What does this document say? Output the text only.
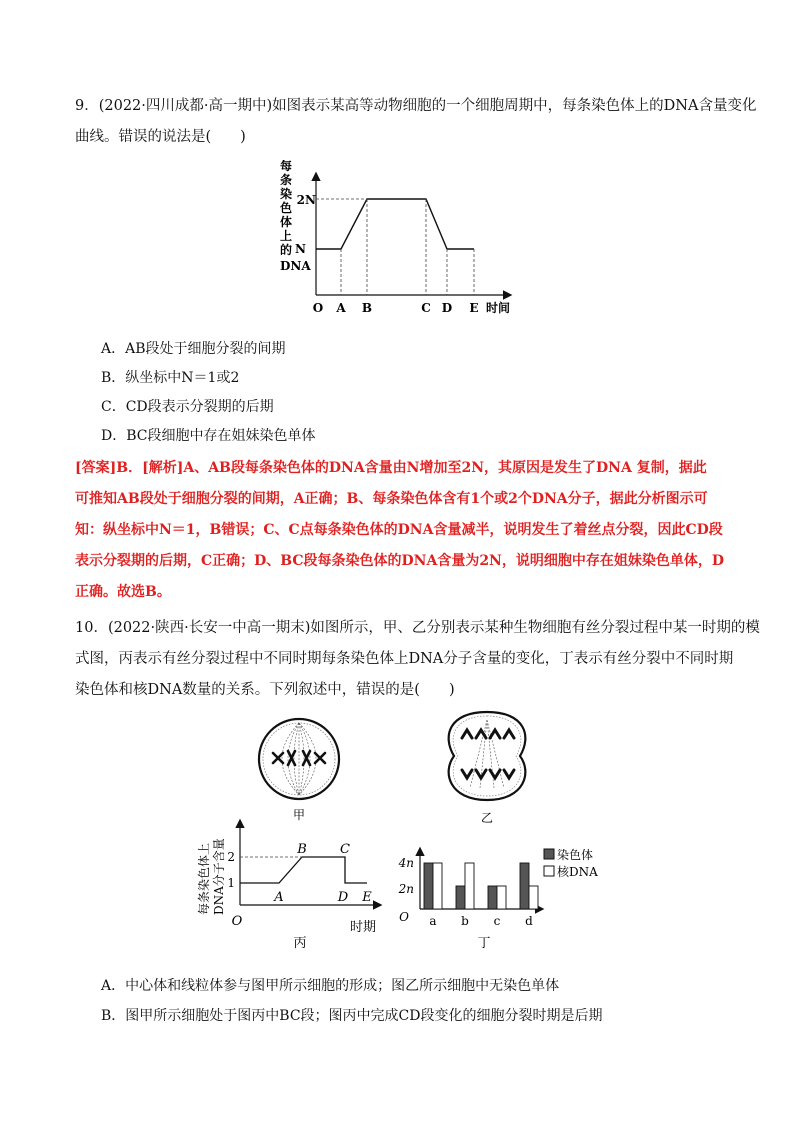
9．(2022·四川成都·高一期中)如图表示某高等动物细胞的一个细胞周期中，每条染色体上的DNA含量变化
曲线。错误的说法是(　　)
每
条
染
色
体
上
的
DNA
N
2N
O A B	C D E 时间
A．AB段处于细胞分裂的间期
B．纵坐标中N＝1或2
C．CD段表示分裂期的后期
D．BC段细胞中存在姐妹染色单体
[答案]B．[解析]A、AB段每条染色体的DNA含量由N增加至2N，其原因是发生了DNA 复制，据此
可推知AB段处于细胞分裂的间期，A正确；B、每条染色体含有1个或2个DNA分子，据此分析图示可
知：纵坐标中N＝1，B错误；C、C点每条染色体的DNA含量减半，说明发生了着丝点分裂，因此CD段
表示分裂期的后期，C正确；D、BC段每条染色体的DNA含量为2N，说明细胞中存在姐妹染色单体，D
正确。故选B。
10．(2022·陕西·长安一中高一期末)如图所示，甲、乙分别表示某种生物细胞有丝分裂过程中某一时期的模
式图，丙表示有丝分裂过程中不同时期每条染色体上DNA分子含量的变化，丁表示有丝分裂中不同时期
染色体和核DNA数量的关系。下列叙述中，错误的是(　　)
甲	乙
每条染色体上 DNA分子含量 1
2
A
B	C
D E
O	时期
丙
4n
2n
O a b c d
染色体
核DNA
丁
A．中心体和线粒体参与图甲所示细胞的形成；图乙所示细胞中无染色单体
B．图甲所示细胞处于图丙中BC段；图丙中完成CD段变化的细胞分裂时期是后期
